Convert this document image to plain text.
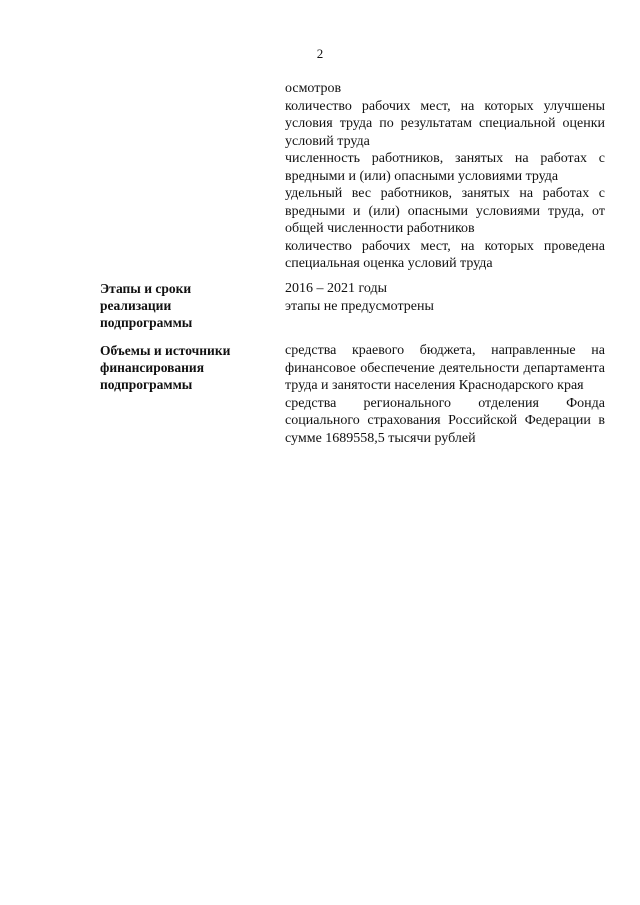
2
осмотров
количество рабочих мест, на которых улучшены условия труда по результатам специальной оценки условий труда
численность работников, занятых на работах с вредными и (или) опасными условиями труда
удельный вес работников, занятых на работах с вредными и (или) опасными условиями труда, от общей численности работников
количество рабочих мест, на которых проведена специальная оценка условий труда
Этапы и сроки
реализации
подпрограммы
2016 – 2021 годы
этапы не предусмотрены
Объемы и источники
финансирования
подпрограммы
средства краевого бюджета, направленные на финансовое обеспечение деятельности департамента труда и занятости населения Краснодарского края
средства регионального отделения Фонда социального страхования Российской Федерации в сумме 1689558,5 тысячи рублей
